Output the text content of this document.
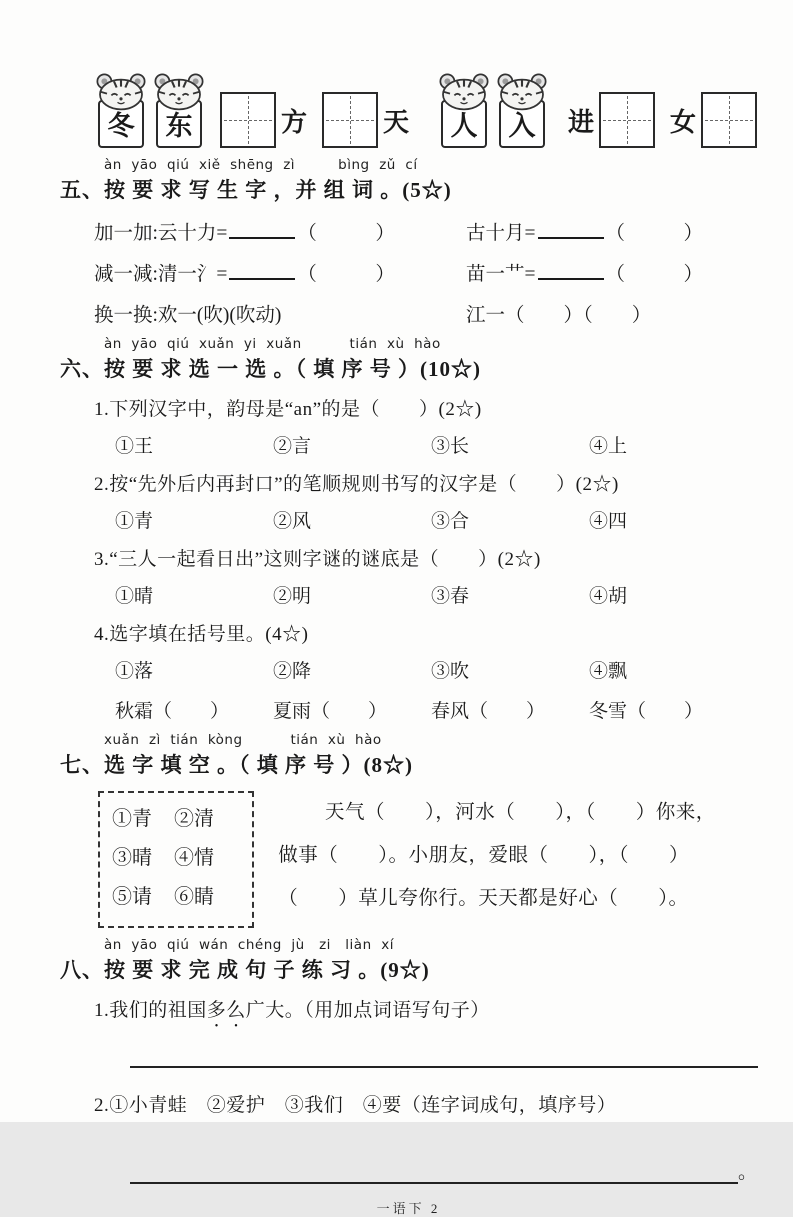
冬	东	方	天	人	入	进	女
àn  yāo  qiú  xiě  shēng  zì         bìng  zǔ  cí
五、按 要 求 写 生 字 ，并 组 词 。(5☆)
加一加:云十力=	（　　　）	古十月=	（　　　）
减一减:清一氵=	（　　　）	苗一艹=	（　　　）
换一换:欢一(吹)(吹动)	江一（　　）（　　）
àn  yāo  qiú  xuǎn  yi  xuǎn          tián  xù  hào
六、按 要 求 选 一 选 。（ 填 序 号 ）(10☆)
1.下列汉字中，韵母是“an”的是（　　）(2☆)
①王	②言	③长	④上
2.按“先外后内再封口”的笔顺规则书写的汉字是（　　）(2☆)
①青	②风	③合	④四
3.“三人一起看日出”这则字谜的谜底是（　　）(2☆)
①晴	②明	③春	④胡
4.选字填在括号里。(4☆)
①落	②降	③吹	④飘
秋霜（　　）	夏雨（　　）	春风（　　）	冬雪（　　）
xuǎn  zì  tián  kòng          tián  xù  hào
七、选 字 填 空 。（ 填 序 号 ）(8☆)
①青 ②清
③晴 ④情
⑤请 ⑥睛
天气（　　），河水（　　），（　　）你来，
做事（　　）。小朋友，爱眼（　　），（　　）
（　　）草儿夸你行。天天都是好心（　　）。
àn  yāo  qiú  wán  chéng  jù   zi   liàn  xí
八、按 要 求 完 成 句 子 练 习 。(9☆)
1.我们的祖国多么广大。（用加点词语写句子）
2.①小青蛙　②爱护　③我们　④要（连字词成句，填序号）
。
一语下 2
